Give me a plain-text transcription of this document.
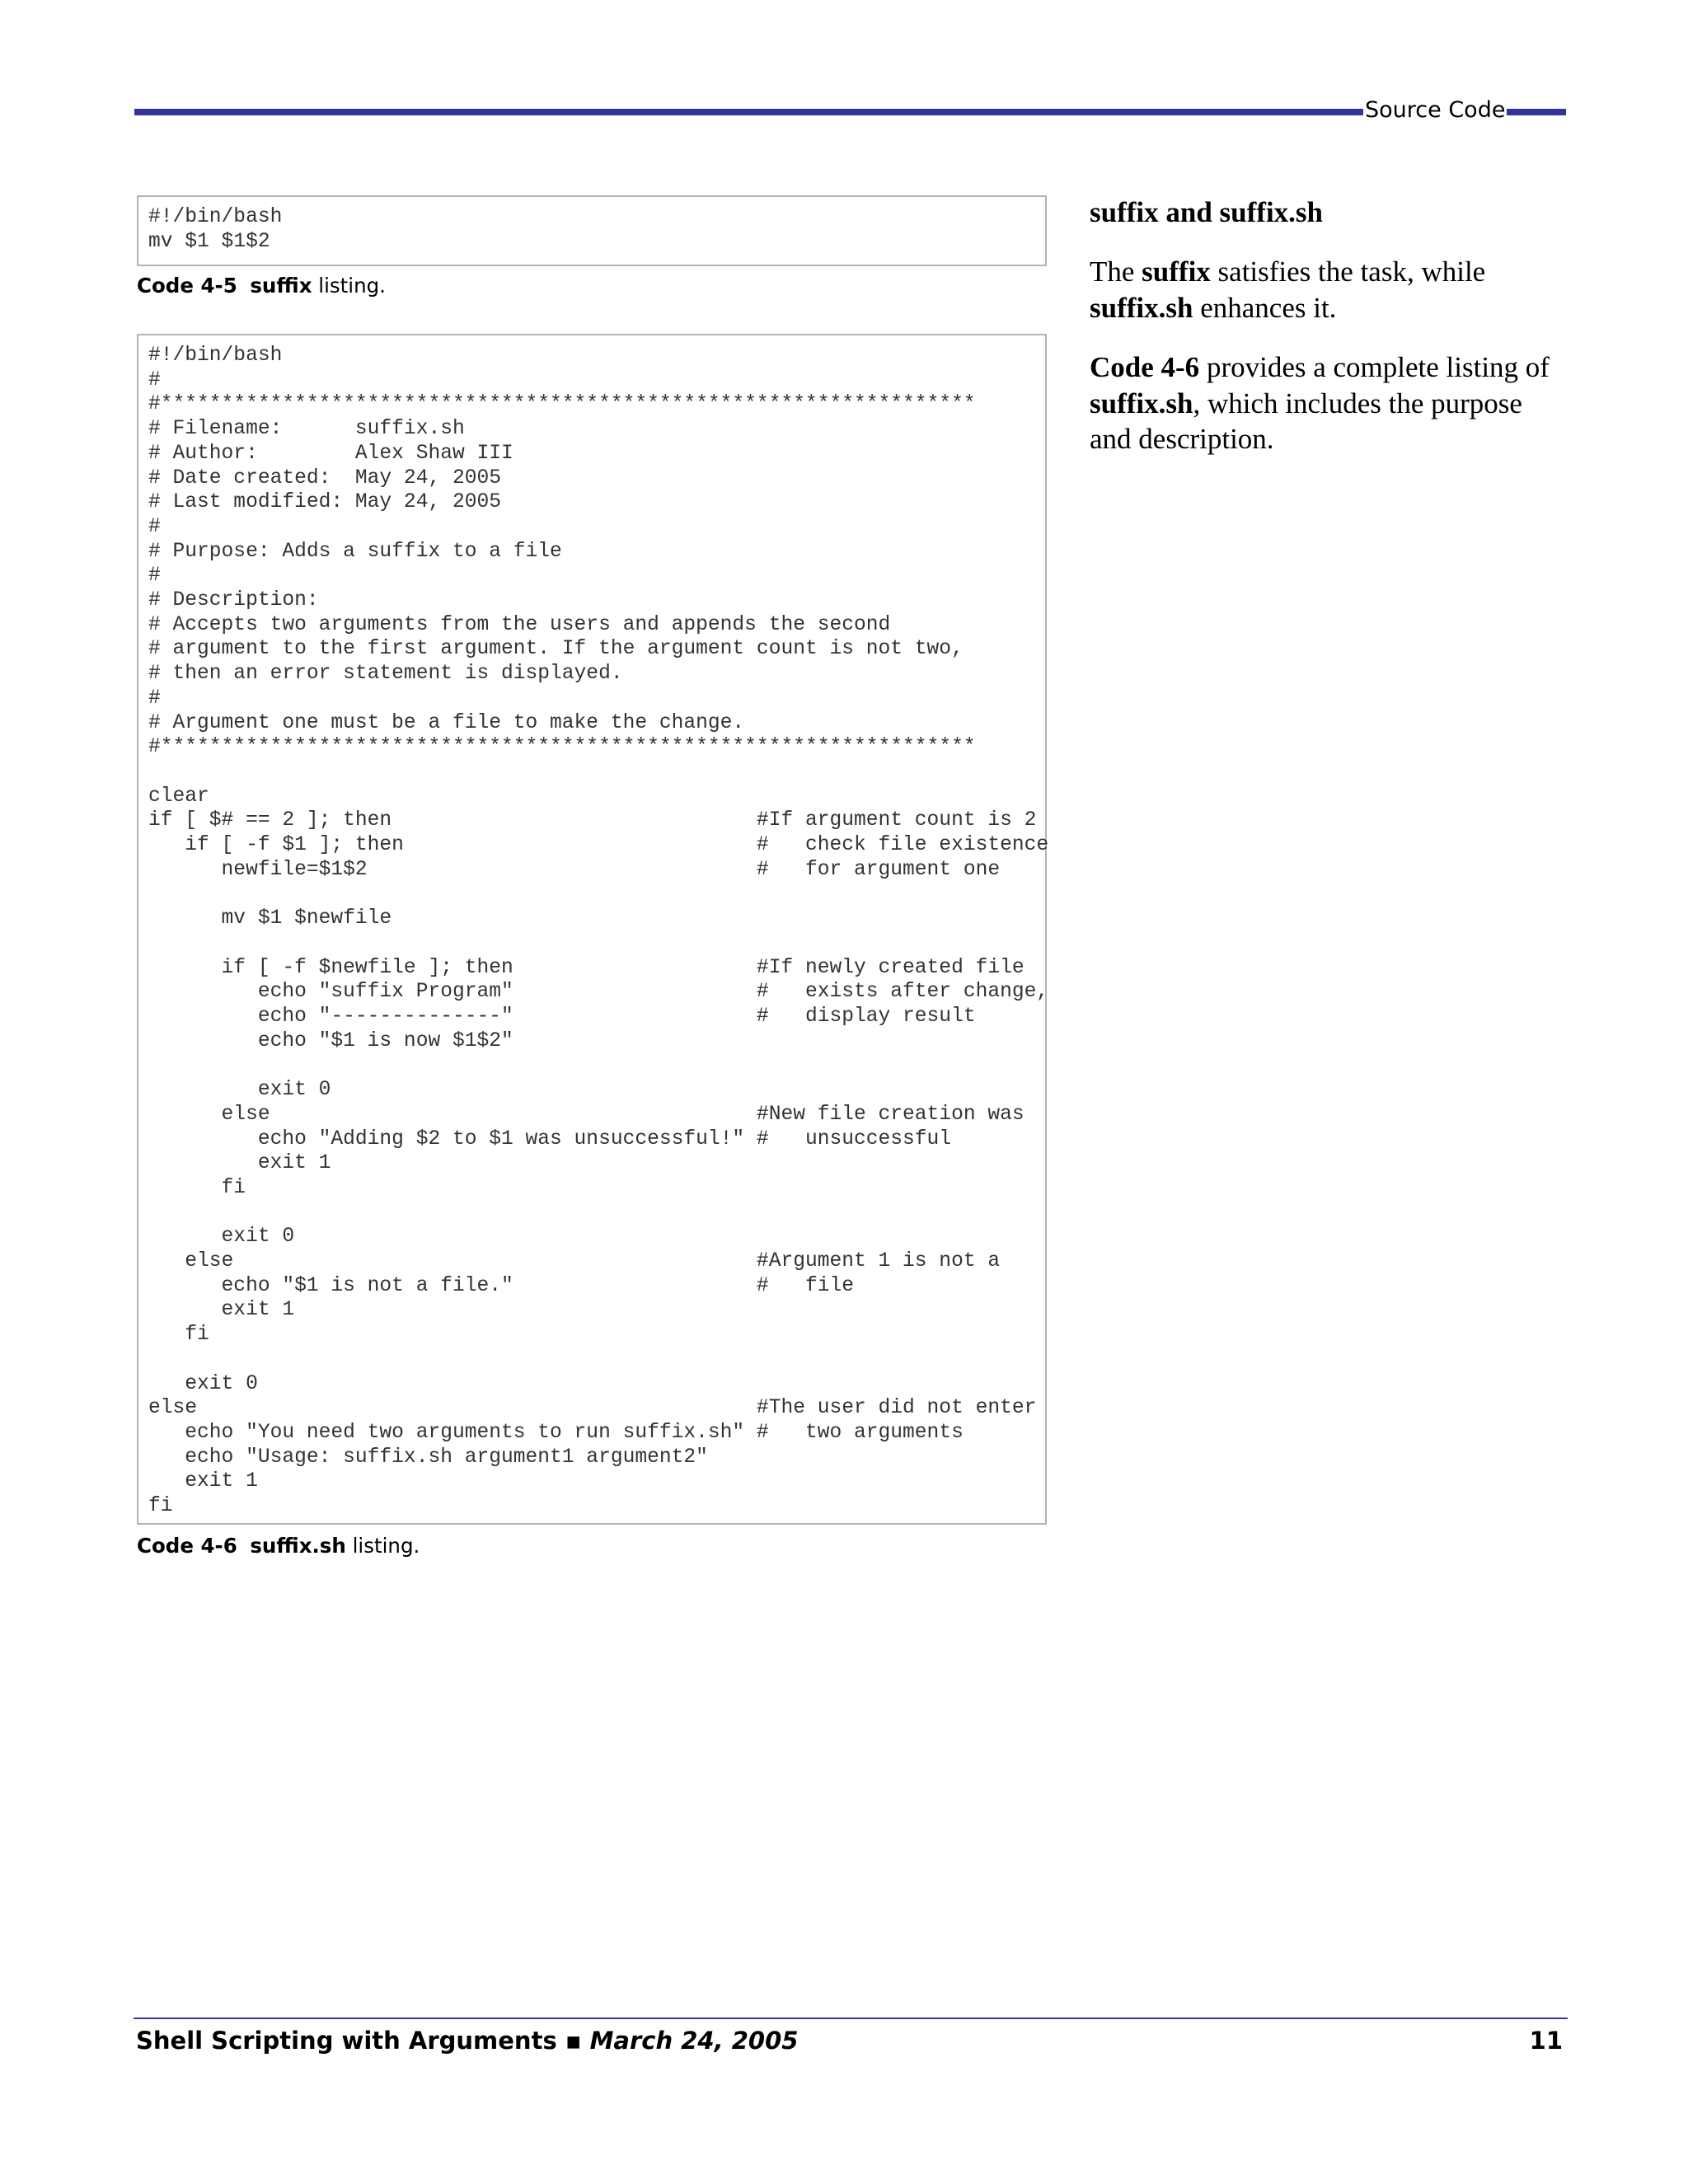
Source Code
#!/bin/bash
mv $1 $1$2
Code 4-5 suffix listing.
#!/bin/bash
#
#*******************************************************************
# Filename:      suffix.sh
# Author:        Alex Shaw III
# Date created:  May 24, 2005
# Last modified: May 24, 2005
#
# Purpose: Adds a suffix to a file
#
# Description:
# Accepts two arguments from the users and appends the second
# argument to the first argument. If the argument count is not two,
# then an error statement is displayed.
#
# Argument one must be a file to make the change.
#*******************************************************************

clear
if [ $# == 2 ]; then                              #If argument count is 2
if [ -f $1 ]; then                             #   check file existence
newfile=$1$2                                #   for argument one

mv $1 $newfile

if [ -f $newfile ]; then                    #If newly created file
echo "suffix Program"                    #   exists after change,
echo "--------------"                    #   display result
echo "$1 is now $1$2"

exit 0
else                                        #New file creation was
echo "Adding $2 to $1 was unsuccessful!" #   unsuccessful
exit 1
fi

exit 0
else                                           #Argument 1 is not a
echo "$1 is not a file."                    #   file
exit 1
fi

exit 0
else                                              #The user did not enter
echo "You need two arguments to run suffix.sh" #   two arguments
echo "Usage: suffix.sh argument1 argument2"
exit 1
fi
Code 4-6 suffix.sh listing.
suffix and suffix.sh
The suffix satisfies the task, while suffix.sh enhances it.
Code 4-6 provides a complete listing of suffix.sh, which includes the purpose and description.
Shell Scripting with Arguments ▪ March 24, 2005	11
